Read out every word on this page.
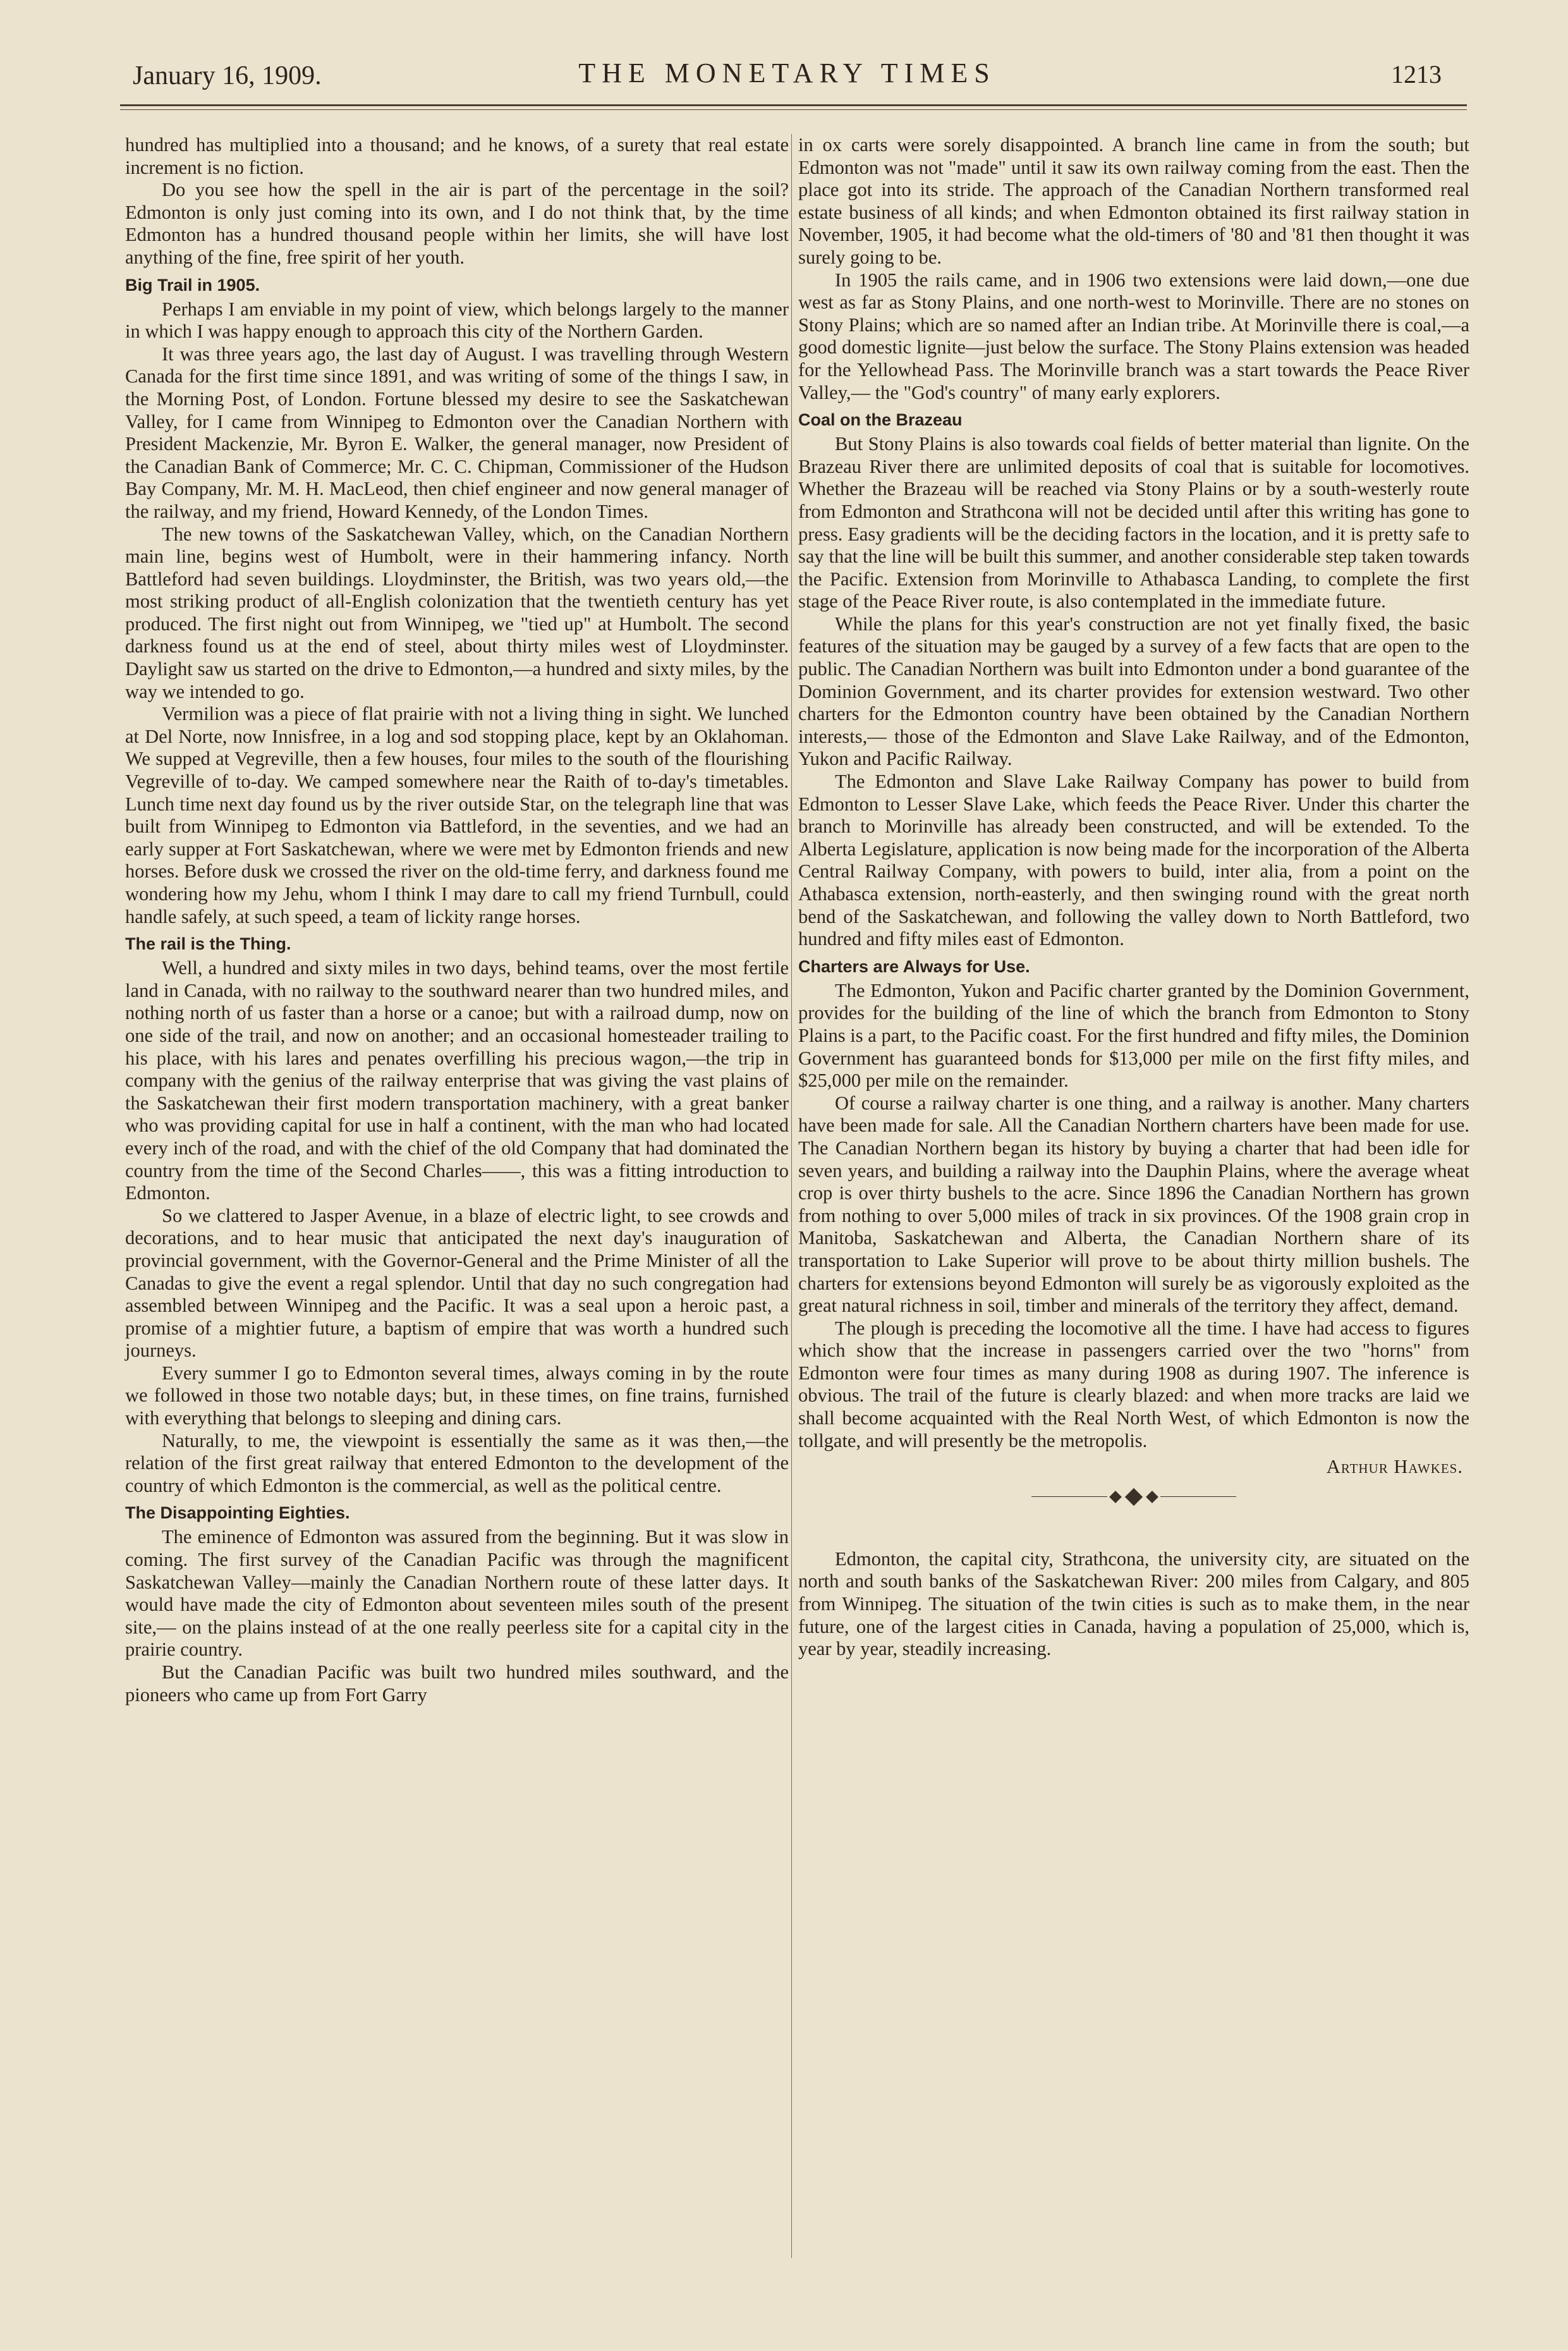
January 16, 1909.	THE MONETARY TIMES	1213

hundred has multiplied into a thousand; and he knows, of a surety that real estate increment is no fiction.

Do you see how the spell in the air is part of the percentage in the soil? Edmonton is only just coming into its own, and I do not think that, by the time Edmonton has a hundred thousand people within her limits, she will have lost anything of the fine, free spirit of her youth.

Big Trail in 1905.

Perhaps I am enviable in my point of view, which belongs largely to the manner in which I was happy enough to approach this city of the Northern Garden.

It was three years ago, the last day of August. I was travelling through Western Canada for the first time since 1891, and was writing of some of the things I saw, in the Morning Post, of London. Fortune blessed my desire to see the Saskatchewan Valley, for I came from Winnipeg to Edmonton over the Canadian Northern with President Mackenzie, Mr. Byron E. Walker, the general manager, now President of the Canadian Bank of Commerce; Mr. C. C. Chipman, Commissioner of the Hudson Bay Company, Mr. M. H. MacLeod, then chief engineer and now general manager of the railway, and my friend, Howard Kennedy, of the London Times.

The new towns of the Saskatchewan Valley, which, on the Canadian Northern main line, begins west of Humbolt, were in their hammering infancy. North Battleford had seven buildings. Lloydminster, the British, was two years old,—the most striking product of all-English colonization that the twentieth century has yet produced. The first night out from Winnipeg, we "tied up" at Humbolt. The second darkness found us at the end of steel, about thirty miles west of Lloydminster. Daylight saw us started on the drive to Edmonton,—a hundred and sixty miles, by the way we intended to go.

Vermilion was a piece of flat prairie with not a living thing in sight. We lunched at Del Norte, now Innisfree, in a log and sod stopping place, kept by an Oklahoman. We supped at Vegreville, then a few houses, four miles to the south of the flourishing Vegreville of to-day. We camped somewhere near the Raith of to-day's timetables. Lunch time next day found us by the river outside Star, on the telegraph line that was built from Winnipeg to Edmonton via Battleford, in the seventies, and we had an early supper at Fort Saskatchewan, where we were met by Edmonton friends and new horses. Before dusk we crossed the river on the old-time ferry, and darkness found me wondering how my Jehu, whom I think I may dare to call my friend Turnbull, could handle safely, at such speed, a team of lickity range horses.

The rail is the Thing.

Well, a hundred and sixty miles in two days, behind teams, over the most fertile land in Canada, with no railway to the southward nearer than two hundred miles, and nothing north of us faster than a horse or a canoe; but with a railroad dump, now on one side of the trail, and now on another; and an occasional homesteader trailing to his place, with his lares and penates overfilling his precious wagon,—the trip in company with the genius of the railway enterprise that was giving the vast plains of the Saskatchewan their first modern transportation machinery, with a great banker who was providing capital for use in half a continent, with the man who had located every inch of the road, and with the chief of the old Company that had dominated the country from the time of the Second Charles——, this was a fitting introduction to Edmonton.

So we clattered to Jasper Avenue, in a blaze of electric light, to see crowds and decorations, and to hear music that anticipated the next day's inauguration of provincial government, with the Governor-General and the Prime Minister of all the Canadas to give the event a regal splendor. Until that day no such congregation had assembled between Winnipeg and the Pacific. It was a seal upon a heroic past, a promise of a mightier future, a baptism of empire that was worth a hundred such journeys.

Every summer I go to Edmonton several times, always coming in by the route we followed in those two notable days; but, in these times, on fine trains, furnished with everything that belongs to sleeping and dining cars.

Naturally, to me, the viewpoint is essentially the same as it was then,—the relation of the first great railway that entered Edmonton to the development of the country of which Edmonton is the commercial, as well as the political centre.

The Disappointing Eighties.

The eminence of Edmonton was assured from the beginning. But it was slow in coming. The first survey of the Canadian Pacific was through the magnificent Saskatchewan Valley—mainly the Canadian Northern route of these latter days. It would have made the city of Edmonton about seventeen miles south of the present site,— on the plains instead of at the one really peerless site for a capital city in the prairie country.

But the Canadian Pacific was built two hundred miles southward, and the pioneers who came up from Fort Garry

in ox carts were sorely disappointed. A branch line came in from the south; but Edmonton was not "made" until it saw its own railway coming from the east. Then the place got into its stride. The approach of the Canadian Northern transformed real estate business of all kinds; and when Edmonton obtained its first railway station in November, 1905, it had become what the old-timers of '80 and '81 then thought it was surely going to be.

In 1905 the rails came, and in 1906 two extensions were laid down,—one due west as far as Stony Plains, and one north-west to Morinville. There are no stones on Stony Plains; which are so named after an Indian tribe. At Morinville there is coal,—a good domestic lignite—just below the surface. The Stony Plains extension was headed for the Yellowhead Pass. The Morinville branch was a start towards the Peace River Valley,— the "God's country" of many early explorers.

Coal on the Brazeau

But Stony Plains is also towards coal fields of better material than lignite. On the Brazeau River there are unlimited deposits of coal that is suitable for locomotives. Whether the Brazeau will be reached via Stony Plains or by a south-westerly route from Edmonton and Strathcona will not be decided until after this writing has gone to press. Easy gradients will be the deciding factors in the location, and it is pretty safe to say that the line will be built this summer, and another considerable step taken towards the Pacific. Extension from Morinville to Athabasca Landing, to complete the first stage of the Peace River route, is also contemplated in the immediate future.

While the plans for this year's construction are not yet finally fixed, the basic features of the situation may be gauged by a survey of a few facts that are open to the public. The Canadian Northern was built into Edmonton under a bond guarantee of the Dominion Government, and its charter provides for extension westward. Two other charters for the Edmonton country have been obtained by the Canadian Northern interests,— those of the Edmonton and Slave Lake Railway, and of the Edmonton, Yukon and Pacific Railway.

The Edmonton and Slave Lake Railway Company has power to build from Edmonton to Lesser Slave Lake, which feeds the Peace River. Under this charter the branch to Morinville has already been constructed, and will be extended. To the Alberta Legislature, application is now being made for the incorporation of the Alberta Central Railway Company, with powers to build, inter alia, from a point on the Athabasca extension, north-easterly, and then swinging round with the great north bend of the Saskatchewan, and following the valley down to North Battleford, two hundred and fifty miles east of Edmonton.

Charters are Always for Use.

The Edmonton, Yukon and Pacific charter granted by the Dominion Government, provides for the building of the line of which the branch from Edmonton to Stony Plains is a part, to the Pacific coast. For the first hundred and fifty miles, the Dominion Government has guaranteed bonds for $13,000 per mile on the first fifty miles, and $25,000 per mile on the remainder.

Of course a railway charter is one thing, and a railway is another. Many charters have been made for sale. All the Canadian Northern charters have been made for use. The Canadian Northern began its history by buying a charter that had been idle for seven years, and building a railway into the Dauphin Plains, where the average wheat crop is over thirty bushels to the acre. Since 1896 the Canadian Northern has grown from nothing to over 5,000 miles of track in six provinces. Of the 1908 grain crop in Manitoba, Saskatchewan and Alberta, the Canadian Northern share of its transportation to Lake Superior will prove to be about thirty million bushels. The charters for extensions beyond Edmonton will surely be as vigorously exploited as the great natural richness in soil, timber and minerals of the territory they affect, demand.

The plough is preceding the locomotive all the time. I have had access to figures which show that the increase in passengers carried over the two "horns" from Edmonton were four times as many during 1908 as during 1907. The inference is obvious. The trail of the future is clearly blazed: and when more tracks are laid we shall become acquainted with the Real North West, of which Edmonton is now the tollgate, and will presently be the metropolis.

Arthur Hawkes.

Edmonton, the capital city, Strathcona, the university city, are situated on the north and south banks of the Saskatchewan River: 200 miles from Calgary, and 805 from Winnipeg. The situation of the twin cities is such as to make them, in the near future, one of the largest cities in Canada, having a population of 25,000, which is, year by year, steadily increasing.
